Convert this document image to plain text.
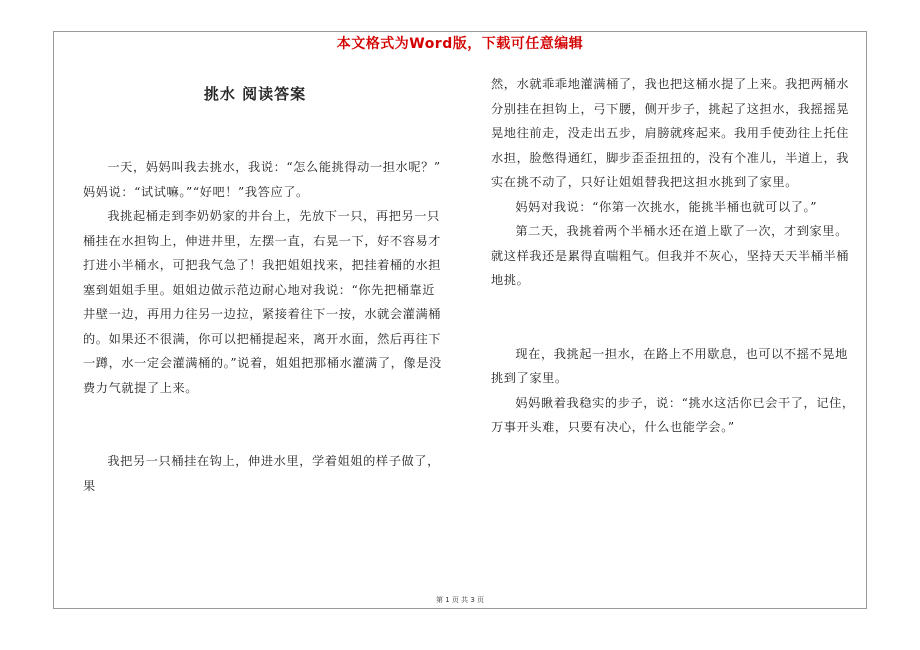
本文格式为Word版，下载可任意编辑
挑水 阅读答案

一天，妈妈叫我去挑水，我说：“怎么能挑得动一担水呢？”

妈妈说：“试试嘛。”“好吧！”我答应了。

我挑起桶走到李奶奶家的井台上，先放下一只，再把另一只桶挂在水担钩上，伸进井里，左摆一直，右晃一下，好不容易才打进小半桶水，可把我气急了！我把姐姐找来，把挂着桶的水担塞到姐姐手里。姐姐边做示范边耐心地对我说：“你先把桶靠近井壁一边，再用力往另一边拉，紧接着往下一按，水就会灌满桶的。如果还不很满，你可以把桶提起来，离开水面，然后再往下一蹲，水一定会灌满桶的。”说着，姐姐把那桶水灌满了，像是没费力气就提了上来。

我把另一只桶挂在钩上，伸进水里，学着姐姐的样子做了，果

然，水就乖乖地灌满桶了，我也把这桶水提了上来。我把两桶水分别挂在担钩上，弓下腰，侧开步子，挑起了这担水，我摇摇晃晃地往前走，没走出五步，肩膀就疼起来。我用手使劲往上托住水担，脸憋得通红，脚步歪歪扭扭的，没有个准儿，半道上，我实在挑不动了，只好让姐姐替我把这担水挑到了家里。

妈妈对我说：“你第一次挑水，能挑半桶也就可以了。”

第二天，我挑着两个半桶水还在道上歇了一次，才到家里。就这样我还是累得直喘粗气。但我并不灰心，坚持天天半桶半桶地挑。

现在，我挑起一担水，在路上不用歇息，也可以不摇不晃地挑到了家里。

妈妈瞅着我稳实的步子，说：“挑水这活你已会干了，记住，万事开头难，只要有决心，什么也能学会。”

第 1 页 共 3 页
